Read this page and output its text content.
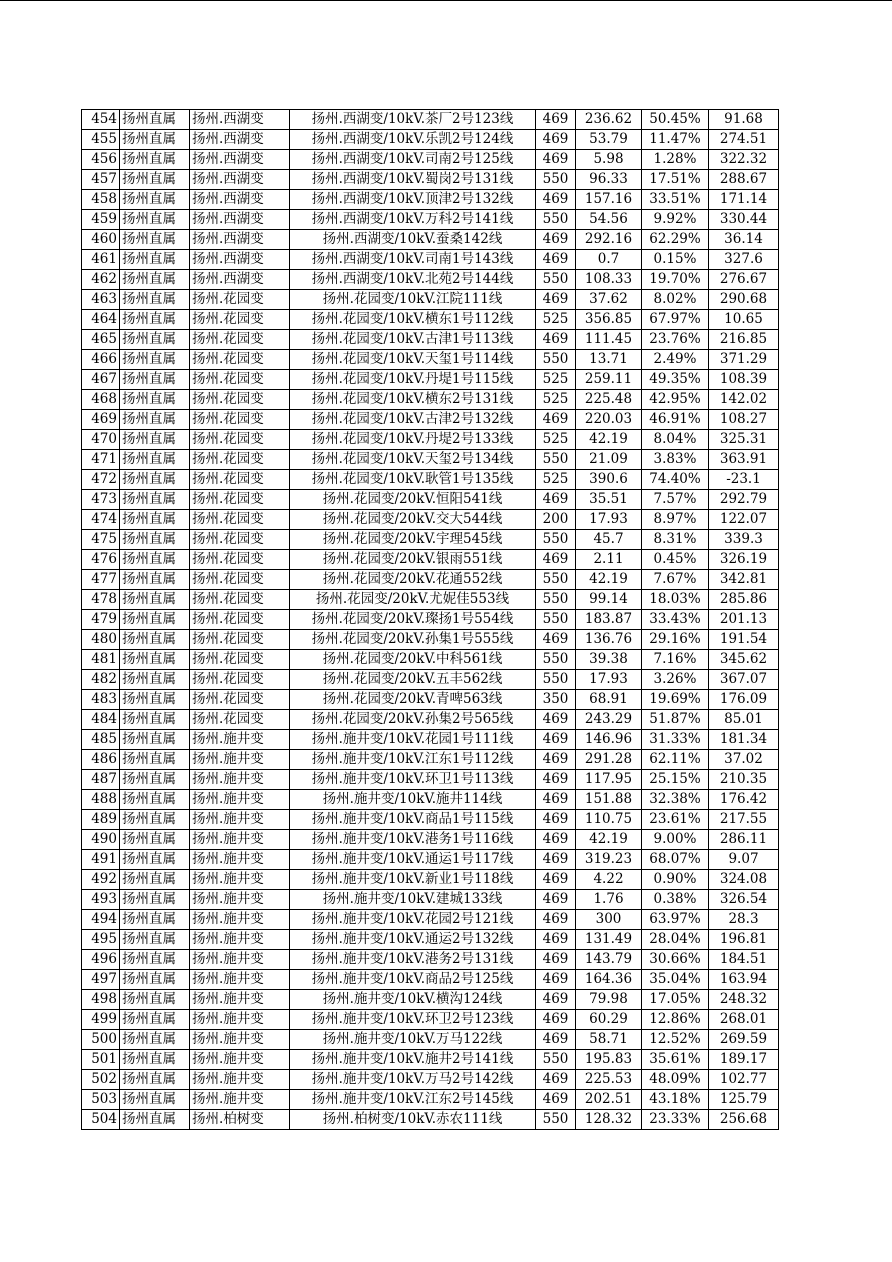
454	扬州直属	扬州.西湖变	扬州.西湖变/10kV.茶厂2号123线	469	236.62	50.45%	91.68
455	扬州直属	扬州.西湖变	扬州.西湖变/10kV.乐凯2号124线	469	53.79	11.47%	274.51
456	扬州直属	扬州.西湖变	扬州.西湖变/10kV.司南2号125线	469	5.98	1.28%	322.32
457	扬州直属	扬州.西湖变	扬州.西湖变/10kV.蜀岗2号131线	550	96.33	17.51%	288.67
458	扬州直属	扬州.西湖变	扬州.西湖变/10kV.顶津2号132线	469	157.16	33.51%	171.14
459	扬州直属	扬州.西湖变	扬州.西湖变/10kV.万科2号141线	550	54.56	9.92%	330.44
460	扬州直属	扬州.西湖变	扬州.西湖变/10kV.蚕桑142线	469	292.16	62.29%	36.14
461	扬州直属	扬州.西湖变	扬州.西湖变/10kV.司南1号143线	469	0.7	0.15%	327.6
462	扬州直属	扬州.西湖变	扬州.西湖变/10kV.北苑2号144线	550	108.33	19.70%	276.67
463	扬州直属	扬州.花园变	扬州.花园变/10kV.江院111线	469	37.62	8.02%	290.68
464	扬州直属	扬州.花园变	扬州.花园变/10kV.横东1号112线	525	356.85	67.97%	10.65
465	扬州直属	扬州.花园变	扬州.花园变/10kV.古津1号113线	469	111.45	23.76%	216.85
466	扬州直属	扬州.花园变	扬州.花园变/10kV.天玺1号114线	550	13.71	2.49%	371.29
467	扬州直属	扬州.花园变	扬州.花园变/10kV.丹堤1号115线	525	259.11	49.35%	108.39
468	扬州直属	扬州.花园变	扬州.花园变/10kV.横东2号131线	525	225.48	42.95%	142.02
469	扬州直属	扬州.花园变	扬州.花园变/10kV.古津2号132线	469	220.03	46.91%	108.27
470	扬州直属	扬州.花园变	扬州.花园变/10kV.丹堤2号133线	525	42.19	8.04%	325.31
471	扬州直属	扬州.花园变	扬州.花园变/10kV.天玺2号134线	550	21.09	3.83%	363.91
472	扬州直属	扬州.花园变	扬州.花园变/10kV.耿管1号135线	525	390.6	74.40%	-23.1
473	扬州直属	扬州.花园变	扬州.花园变/20kV.恒阳541线	469	35.51	7.57%	292.79
474	扬州直属	扬州.花园变	扬州.花园变/20kV.交大544线	200	17.93	8.97%	122.07
475	扬州直属	扬州.花园变	扬州.花园变/20kV.宇理545线	550	45.7	8.31%	339.3
476	扬州直属	扬州.花园变	扬州.花园变/20kV.银雨551线	469	2.11	0.45%	326.19
477	扬州直属	扬州.花园变	扬州.花园变/20kV.花通552线	550	42.19	7.67%	342.81
478	扬州直属	扬州.花园变	扬州.花园变/20kV.尤妮佳553线	550	99.14	18.03%	285.86
479	扬州直属	扬州.花园变	扬州.花园变/20kV.璨扬1号554线	550	183.87	33.43%	201.13
480	扬州直属	扬州.花园变	扬州.花园变/20kV.孙集1号555线	469	136.76	29.16%	191.54
481	扬州直属	扬州.花园变	扬州.花园变/20kV.中科561线	550	39.38	7.16%	345.62
482	扬州直属	扬州.花园变	扬州.花园变/20kV.五丰562线	550	17.93	3.26%	367.07
483	扬州直属	扬州.花园变	扬州.花园变/20kV.青啤563线	350	68.91	19.69%	176.09
484	扬州直属	扬州.花园变	扬州.花园变/20kV.孙集2号565线	469	243.29	51.87%	85.01
485	扬州直属	扬州.施井变	扬州.施井变/10kV.花园1号111线	469	146.96	31.33%	181.34
486	扬州直属	扬州.施井变	扬州.施井变/10kV.江东1号112线	469	291.28	62.11%	37.02
487	扬州直属	扬州.施井变	扬州.施井变/10kV.环卫1号113线	469	117.95	25.15%	210.35
488	扬州直属	扬州.施井变	扬州.施井变/10kV.施井114线	469	151.88	32.38%	176.42
489	扬州直属	扬州.施井变	扬州.施井变/10kV.商品1号115线	469	110.75	23.61%	217.55
490	扬州直属	扬州.施井变	扬州.施井变/10kV.港务1号116线	469	42.19	9.00%	286.11
491	扬州直属	扬州.施井变	扬州.施井变/10kV.通运1号117线	469	319.23	68.07%	9.07
492	扬州直属	扬州.施井变	扬州.施井变/10kV.新业1号118线	469	4.22	0.90%	324.08
493	扬州直属	扬州.施井变	扬州.施井变/10kV.建城133线	469	1.76	0.38%	326.54
494	扬州直属	扬州.施井变	扬州.施井变/10kV.花园2号121线	469	300	63.97%	28.3
495	扬州直属	扬州.施井变	扬州.施井变/10kV.通运2号132线	469	131.49	28.04%	196.81
496	扬州直属	扬州.施井变	扬州.施井变/10kV.港务2号131线	469	143.79	30.66%	184.51
497	扬州直属	扬州.施井变	扬州.施井变/10kV.商品2号125线	469	164.36	35.04%	163.94
498	扬州直属	扬州.施井变	扬州.施井变/10kV.横沟124线	469	79.98	17.05%	248.32
499	扬州直属	扬州.施井变	扬州.施井变/10kV.环卫2号123线	469	60.29	12.86%	268.01
500	扬州直属	扬州.施井变	扬州.施井变/10kV.万马122线	469	58.71	12.52%	269.59
501	扬州直属	扬州.施井变	扬州.施井变/10kV.施井2号141线	550	195.83	35.61%	189.17
502	扬州直属	扬州.施井变	扬州.施井变/10kV.万马2号142线	469	225.53	48.09%	102.77
503	扬州直属	扬州.施井变	扬州.施井变/10kV.江东2号145线	469	202.51	43.18%	125.79
504	扬州直属	扬州.柏树变	扬州.柏树变/10kV.赤农111线	550	128.32	23.33%	256.68
